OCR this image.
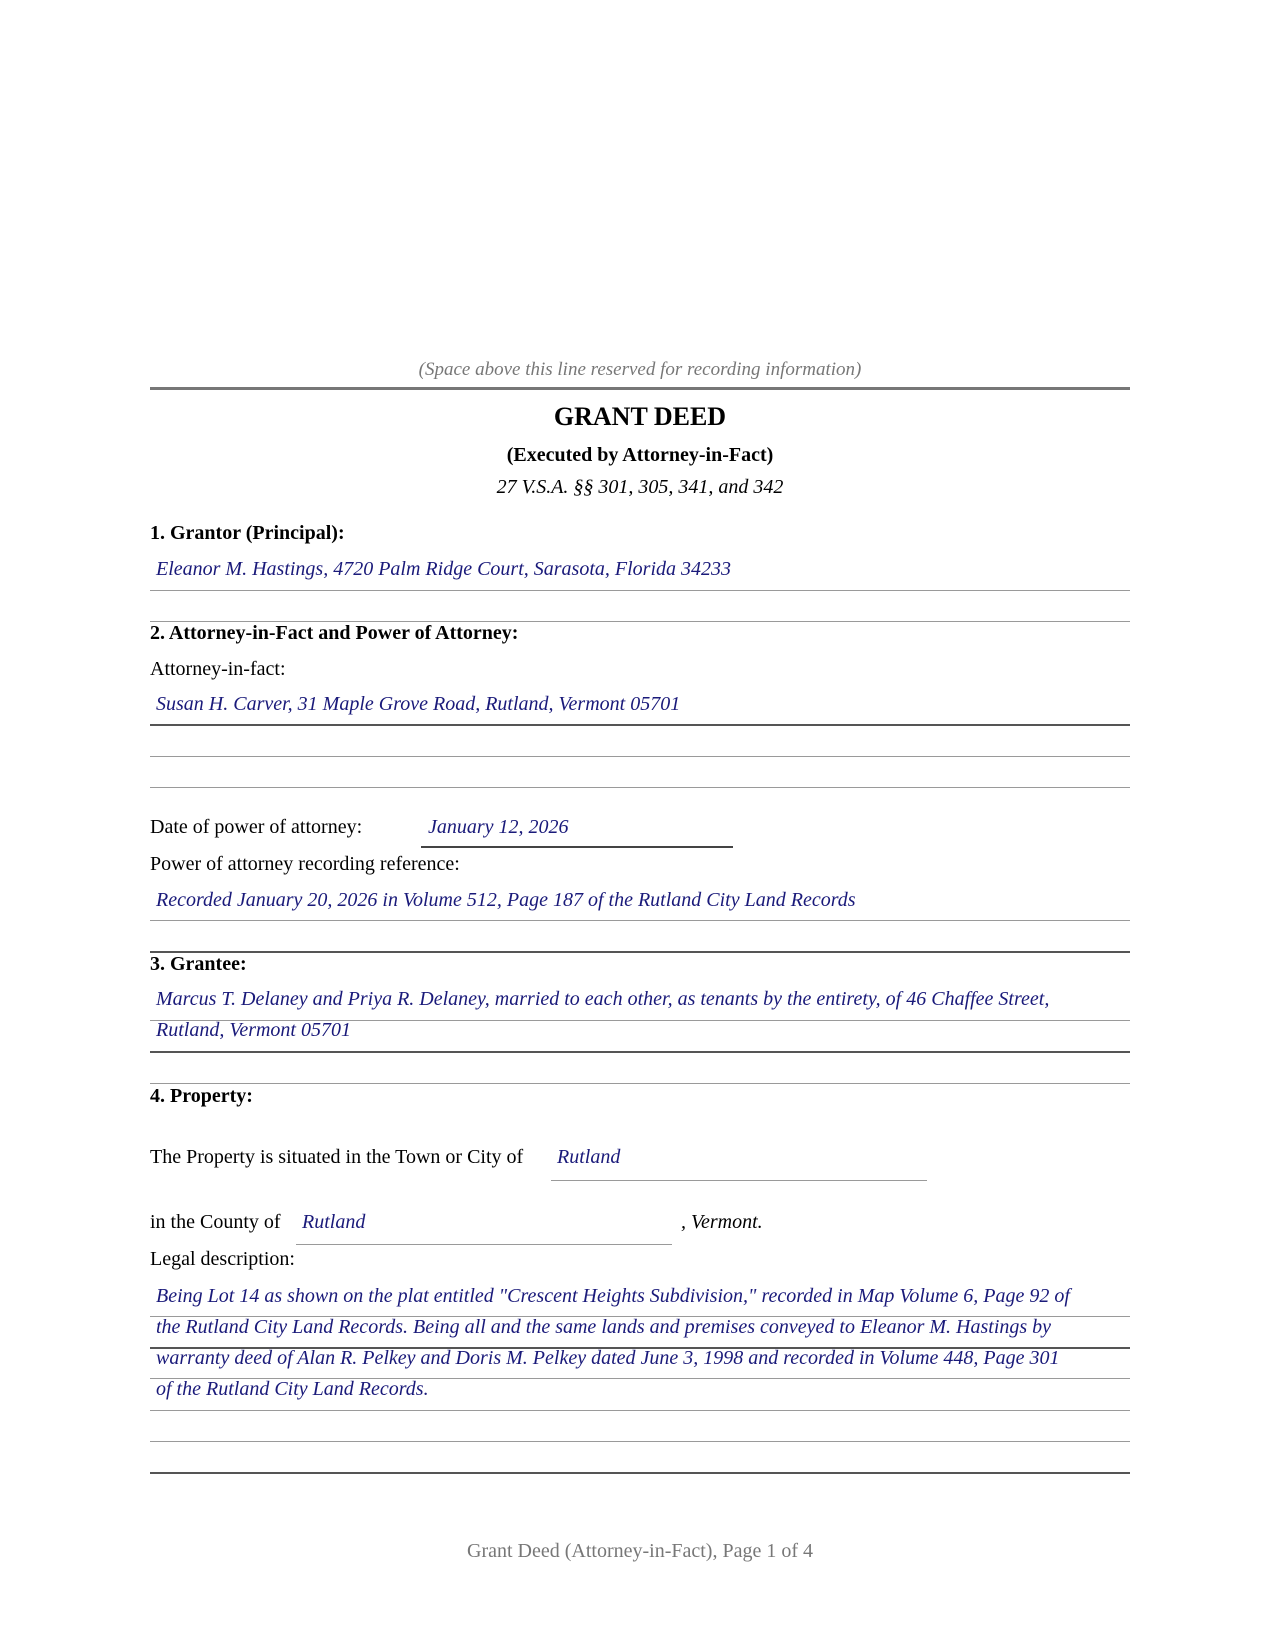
(Space above this line reserved for recording information)
GRANT DEED
(Executed by Attorney-in-Fact)
27 V.S.A. §§ 301, 305, 341, and 342
1. Grantor (Principal):
Eleanor M. Hastings, 4720 Palm Ridge Court, Sarasota, Florida 34233
2. Attorney-in-Fact and Power of Attorney:
Attorney-in-fact:
Susan H. Carver, 31 Maple Grove Road, Rutland, Vermont 05701
Date of power of attorney:	January 12, 2026
Power of attorney recording reference:
Recorded January 20, 2026 in Volume 512, Page 187 of the Rutland City Land Records
3. Grantee:
Marcus T. Delaney and Priya R. Delaney, married to each other, as tenants by the entirety, of 46 Chaffee Street,
Rutland, Vermont 05701
4. Property:
The Property is situated in the Town or City of Rutland
in the County of Rutland	, Vermont.
Legal description:
Being Lot 14 as shown on the plat entitled "Crescent Heights Subdivision," recorded in Map Volume 6, Page 92 of
the Rutland City Land Records. Being all and the same lands and premises conveyed to Eleanor M. Hastings by
warranty deed of Alan R. Pelkey and Doris M. Pelkey dated June 3, 1998 and recorded in Volume 448, Page 301
of the Rutland City Land Records.
Grant Deed (Attorney-in-Fact), Page 1 of 4
